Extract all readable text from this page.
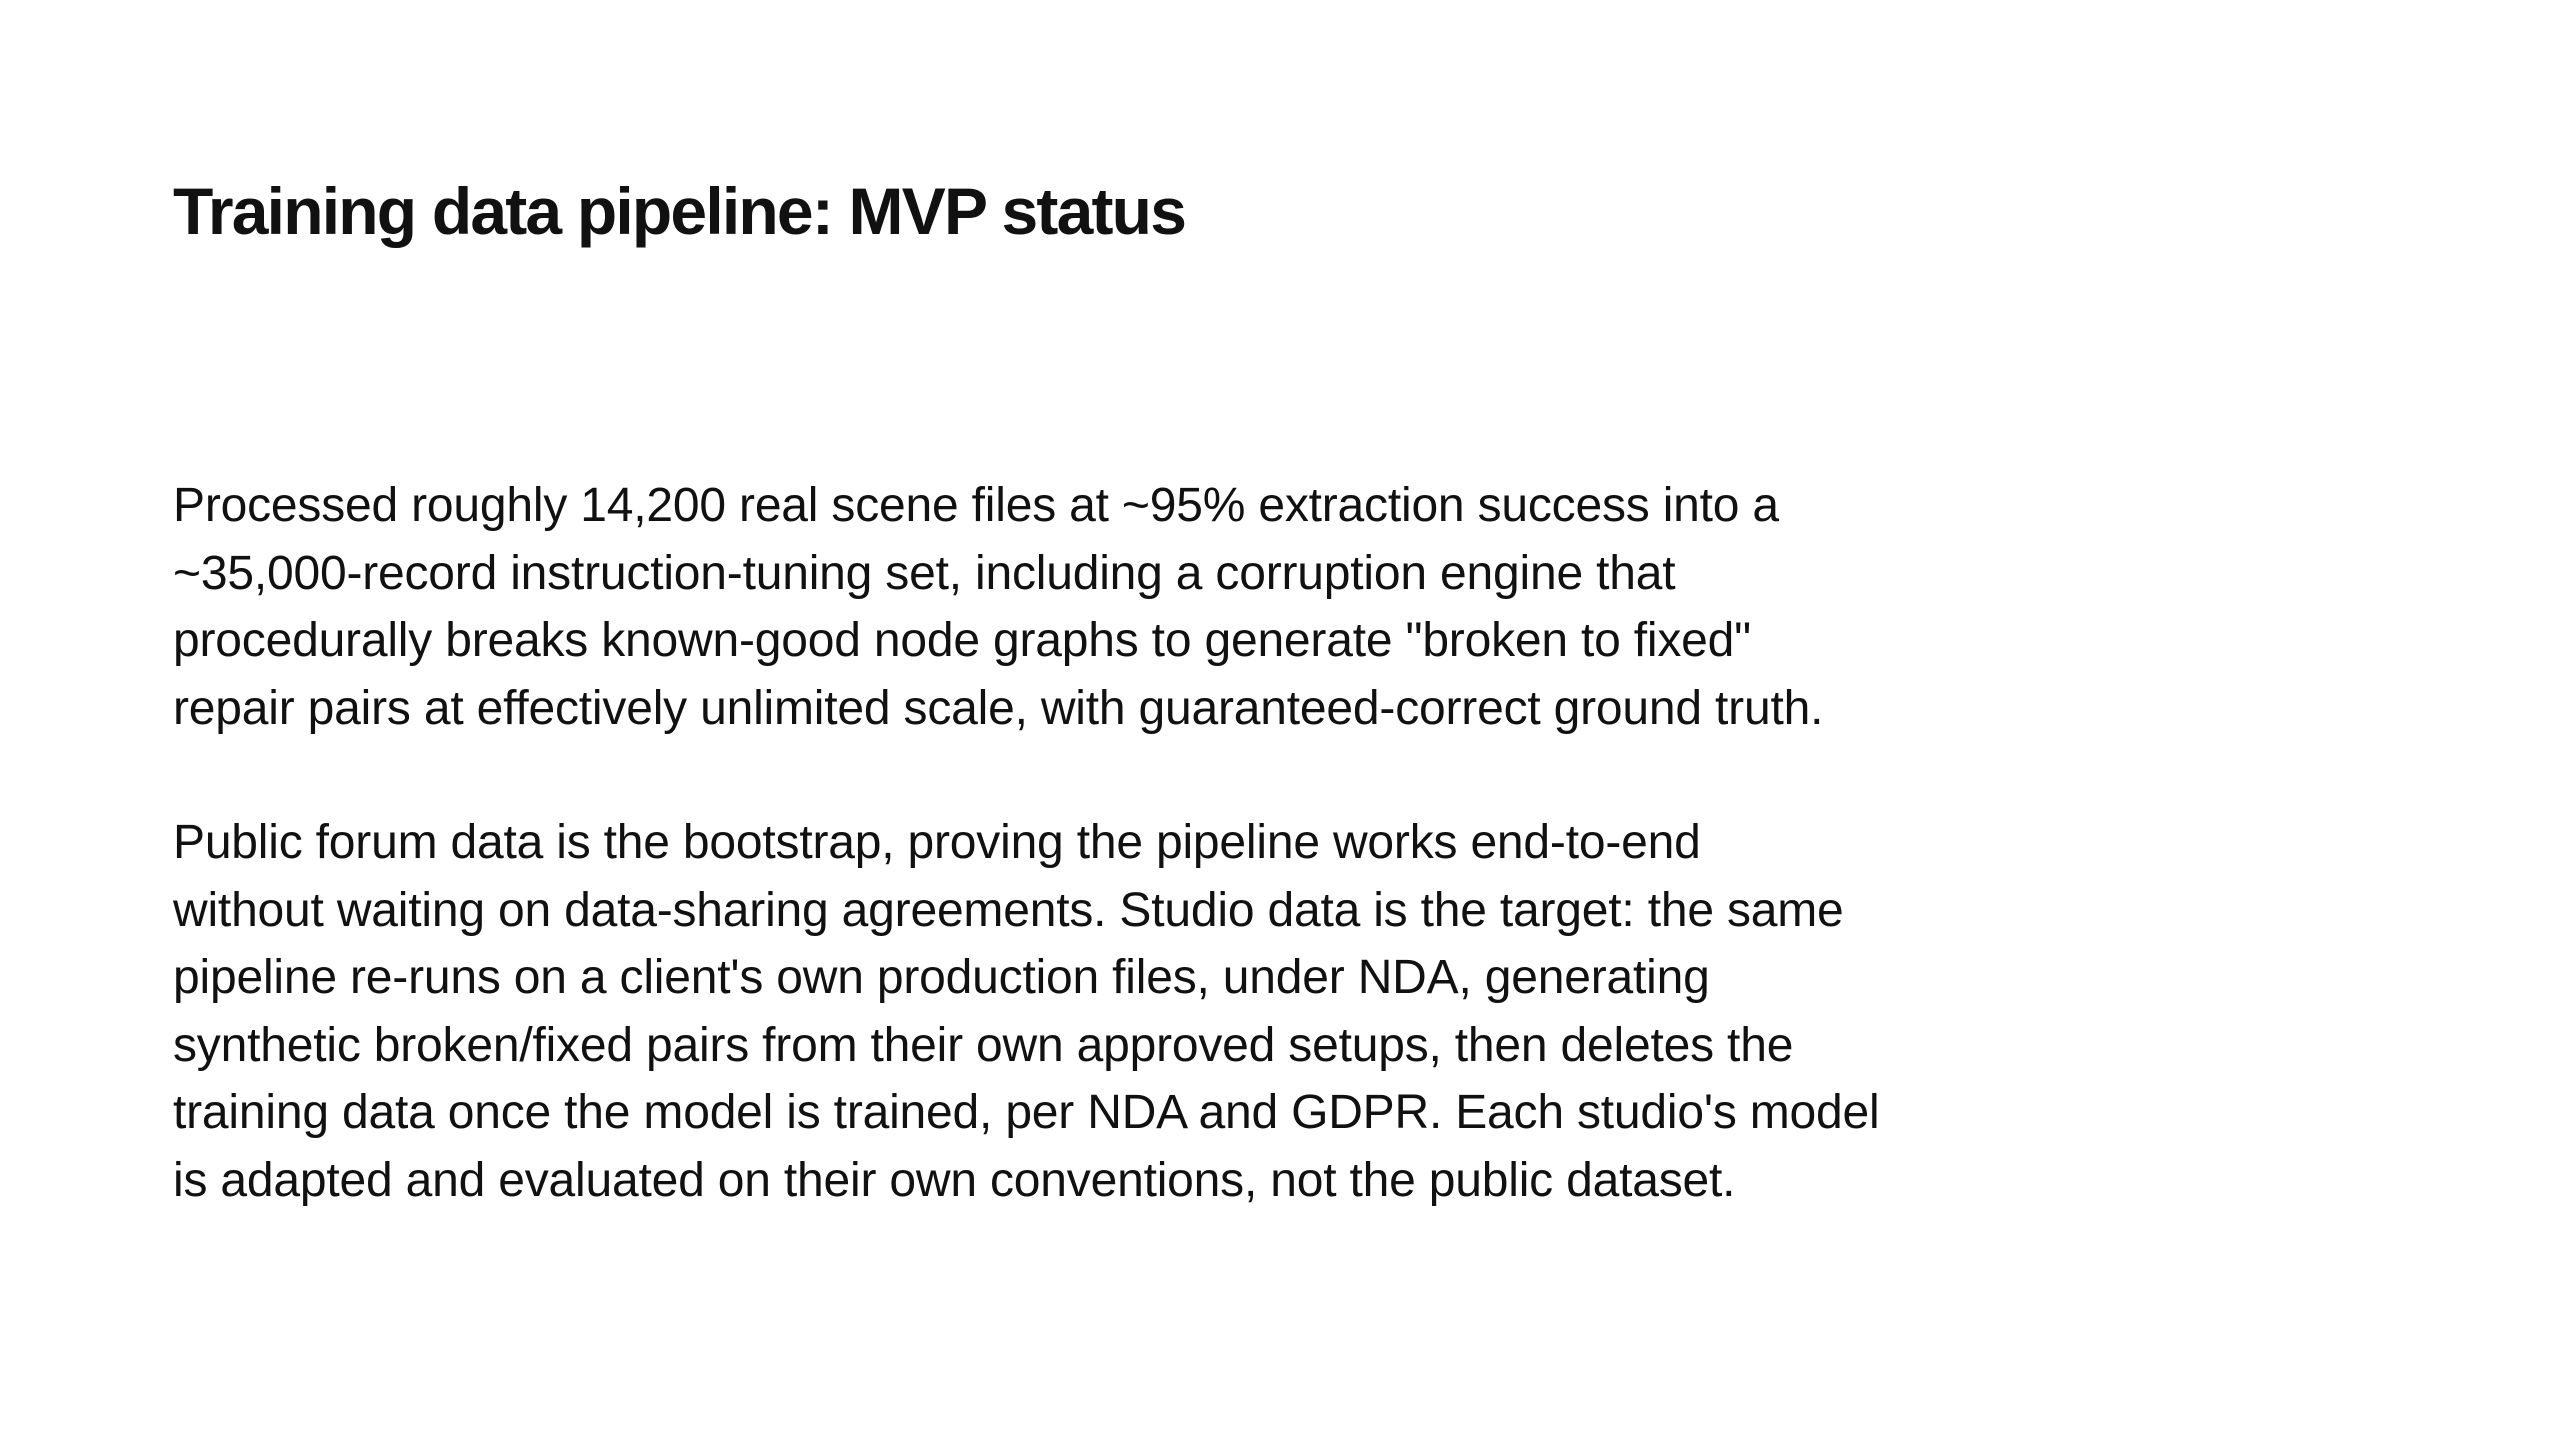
Training data pipeline: MVP status

Processed roughly 14,200 real scene files at ~95% extraction success into a
~35,000-record instruction-tuning set, including a corruption engine that
procedurally breaks known-good node graphs to generate "broken to fixed"
repair pairs at effectively unlimited scale, with guaranteed-correct ground truth.

Public forum data is the bootstrap, proving the pipeline works end-to-end
without waiting on data-sharing agreements. Studio data is the target: the same
pipeline re-runs on a client's own production files, under NDA, generating
synthetic broken/fixed pairs from their own approved setups, then deletes the
training data once the model is trained, per NDA and GDPR. Each studio's model
is adapted and evaluated on their own conventions, not the public dataset.
